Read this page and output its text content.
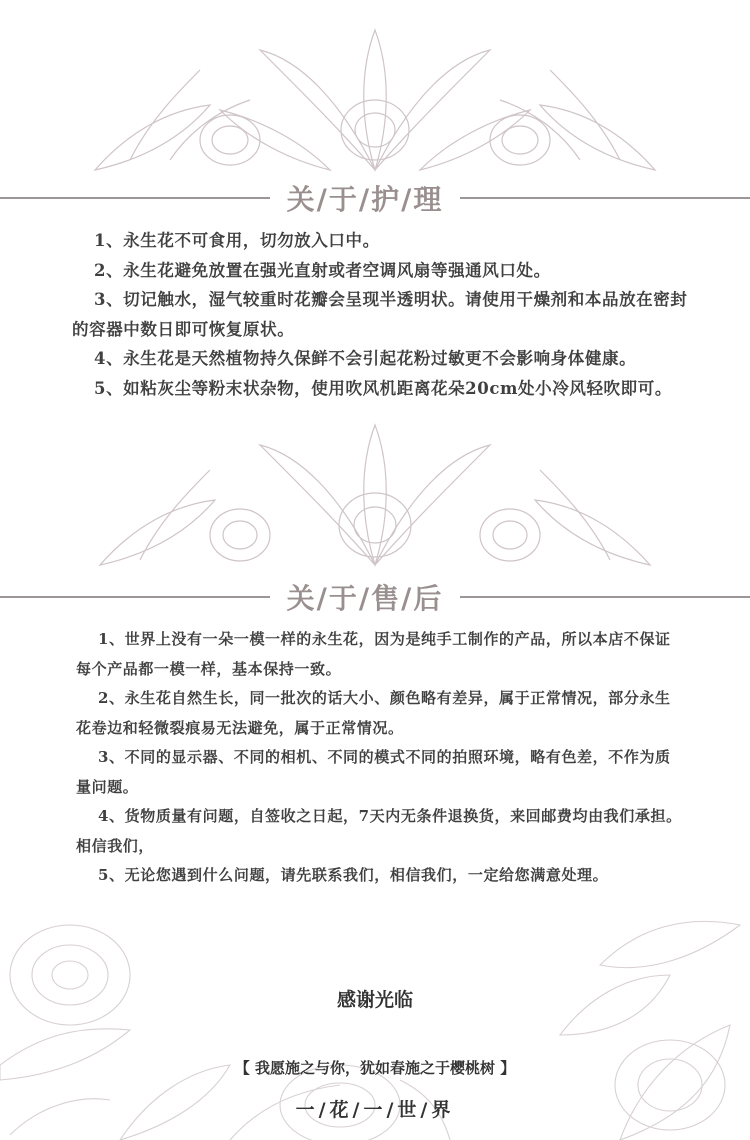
关/于/护/理

1、永生花不可食用，切勿放入口中。

2、永生花避免放置在强光直射或者空调风扇等强通风口处。

3、切记触水，湿气较重时花瓣会呈现半透明状。请使用干燥剂和本品放在密封的容器中数日即可恢复原状。

4、永生花是天然植物持久保鲜不会引起花粉过敏更不会影响身体健康。

5、如粘灰尘等粉末状杂物，使用吹风机距离花朵20cm处小冷风轻吹即可。

关/于/售/后

1、世界上没有一朵一模一样的永生花，因为是纯手工制作的产品，所以本店不保证每个产品都一模一样，基本保持一致。

2、永生花自然生长，同一批次的话大小、颜色略有差异，属于正常情况，部分永生花卷边和轻微裂痕易无法避免，属于正常情况。

3、不同的显示器、不同的相机、不同的模式不同的拍照环境，略有色差，不作为质量问题。

4、货物质量有问题，自签收之日起，7天内无条件退换货，来回邮费均由我们承担。相信我们，

5、无论您遇到什么问题，请先联系我们，相信我们，一定给您满意处理。

感谢光临
【 我愿施之与你，犹如春施之于樱桃树 】
一/花/一/世/界
